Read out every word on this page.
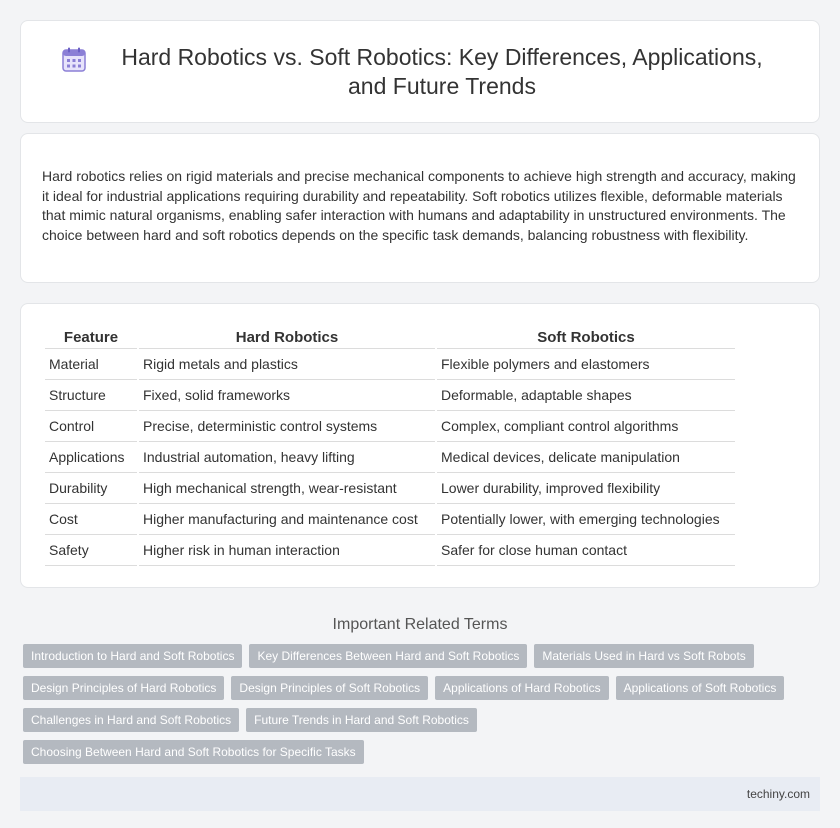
Hard Robotics vs. Soft Robotics: Key Differences, Applications, and Future Trends

Hard robotics relies on rigid materials and precise mechanical components to achieve high strength and accuracy, making it ideal for industrial applications requiring durability and repeatability. Soft robotics utilizes flexible, deformable materials that mimic natural organisms, enabling safer interaction with humans and adaptability in unstructured environments. The choice between hard and soft robotics depends on the specific task demands, balancing robustness with flexibility.

Feature	Hard Robotics	Soft Robotics
Material	Rigid metals and plastics	Flexible polymers and elastomers
Structure	Fixed, solid frameworks	Deformable, adaptable shapes
Control	Precise, deterministic control systems	Complex, compliant control algorithms
Applications	Industrial automation, heavy lifting	Medical devices, delicate manipulation
Durability	High mechanical strength, wear-resistant	Lower durability, improved flexibility
Cost	Higher manufacturing and maintenance cost	Potentially lower, with emerging technologies
Safety	Higher risk in human interaction	Safer for close human contact
Important Related Terms
Introduction to Hard and Soft Robotics	Key Differences Between Hard and Soft Robotics	Materials Used in Hard vs Soft Robots
Design Principles of Hard Robotics	Design Principles of Soft Robotics	Applications of Hard Robotics	Applications of Soft Robotics
Challenges in Hard and Soft Robotics	Future Trends in Hard and Soft Robotics
Choosing Between Hard and Soft Robotics for Specific Tasks
techiny.com
